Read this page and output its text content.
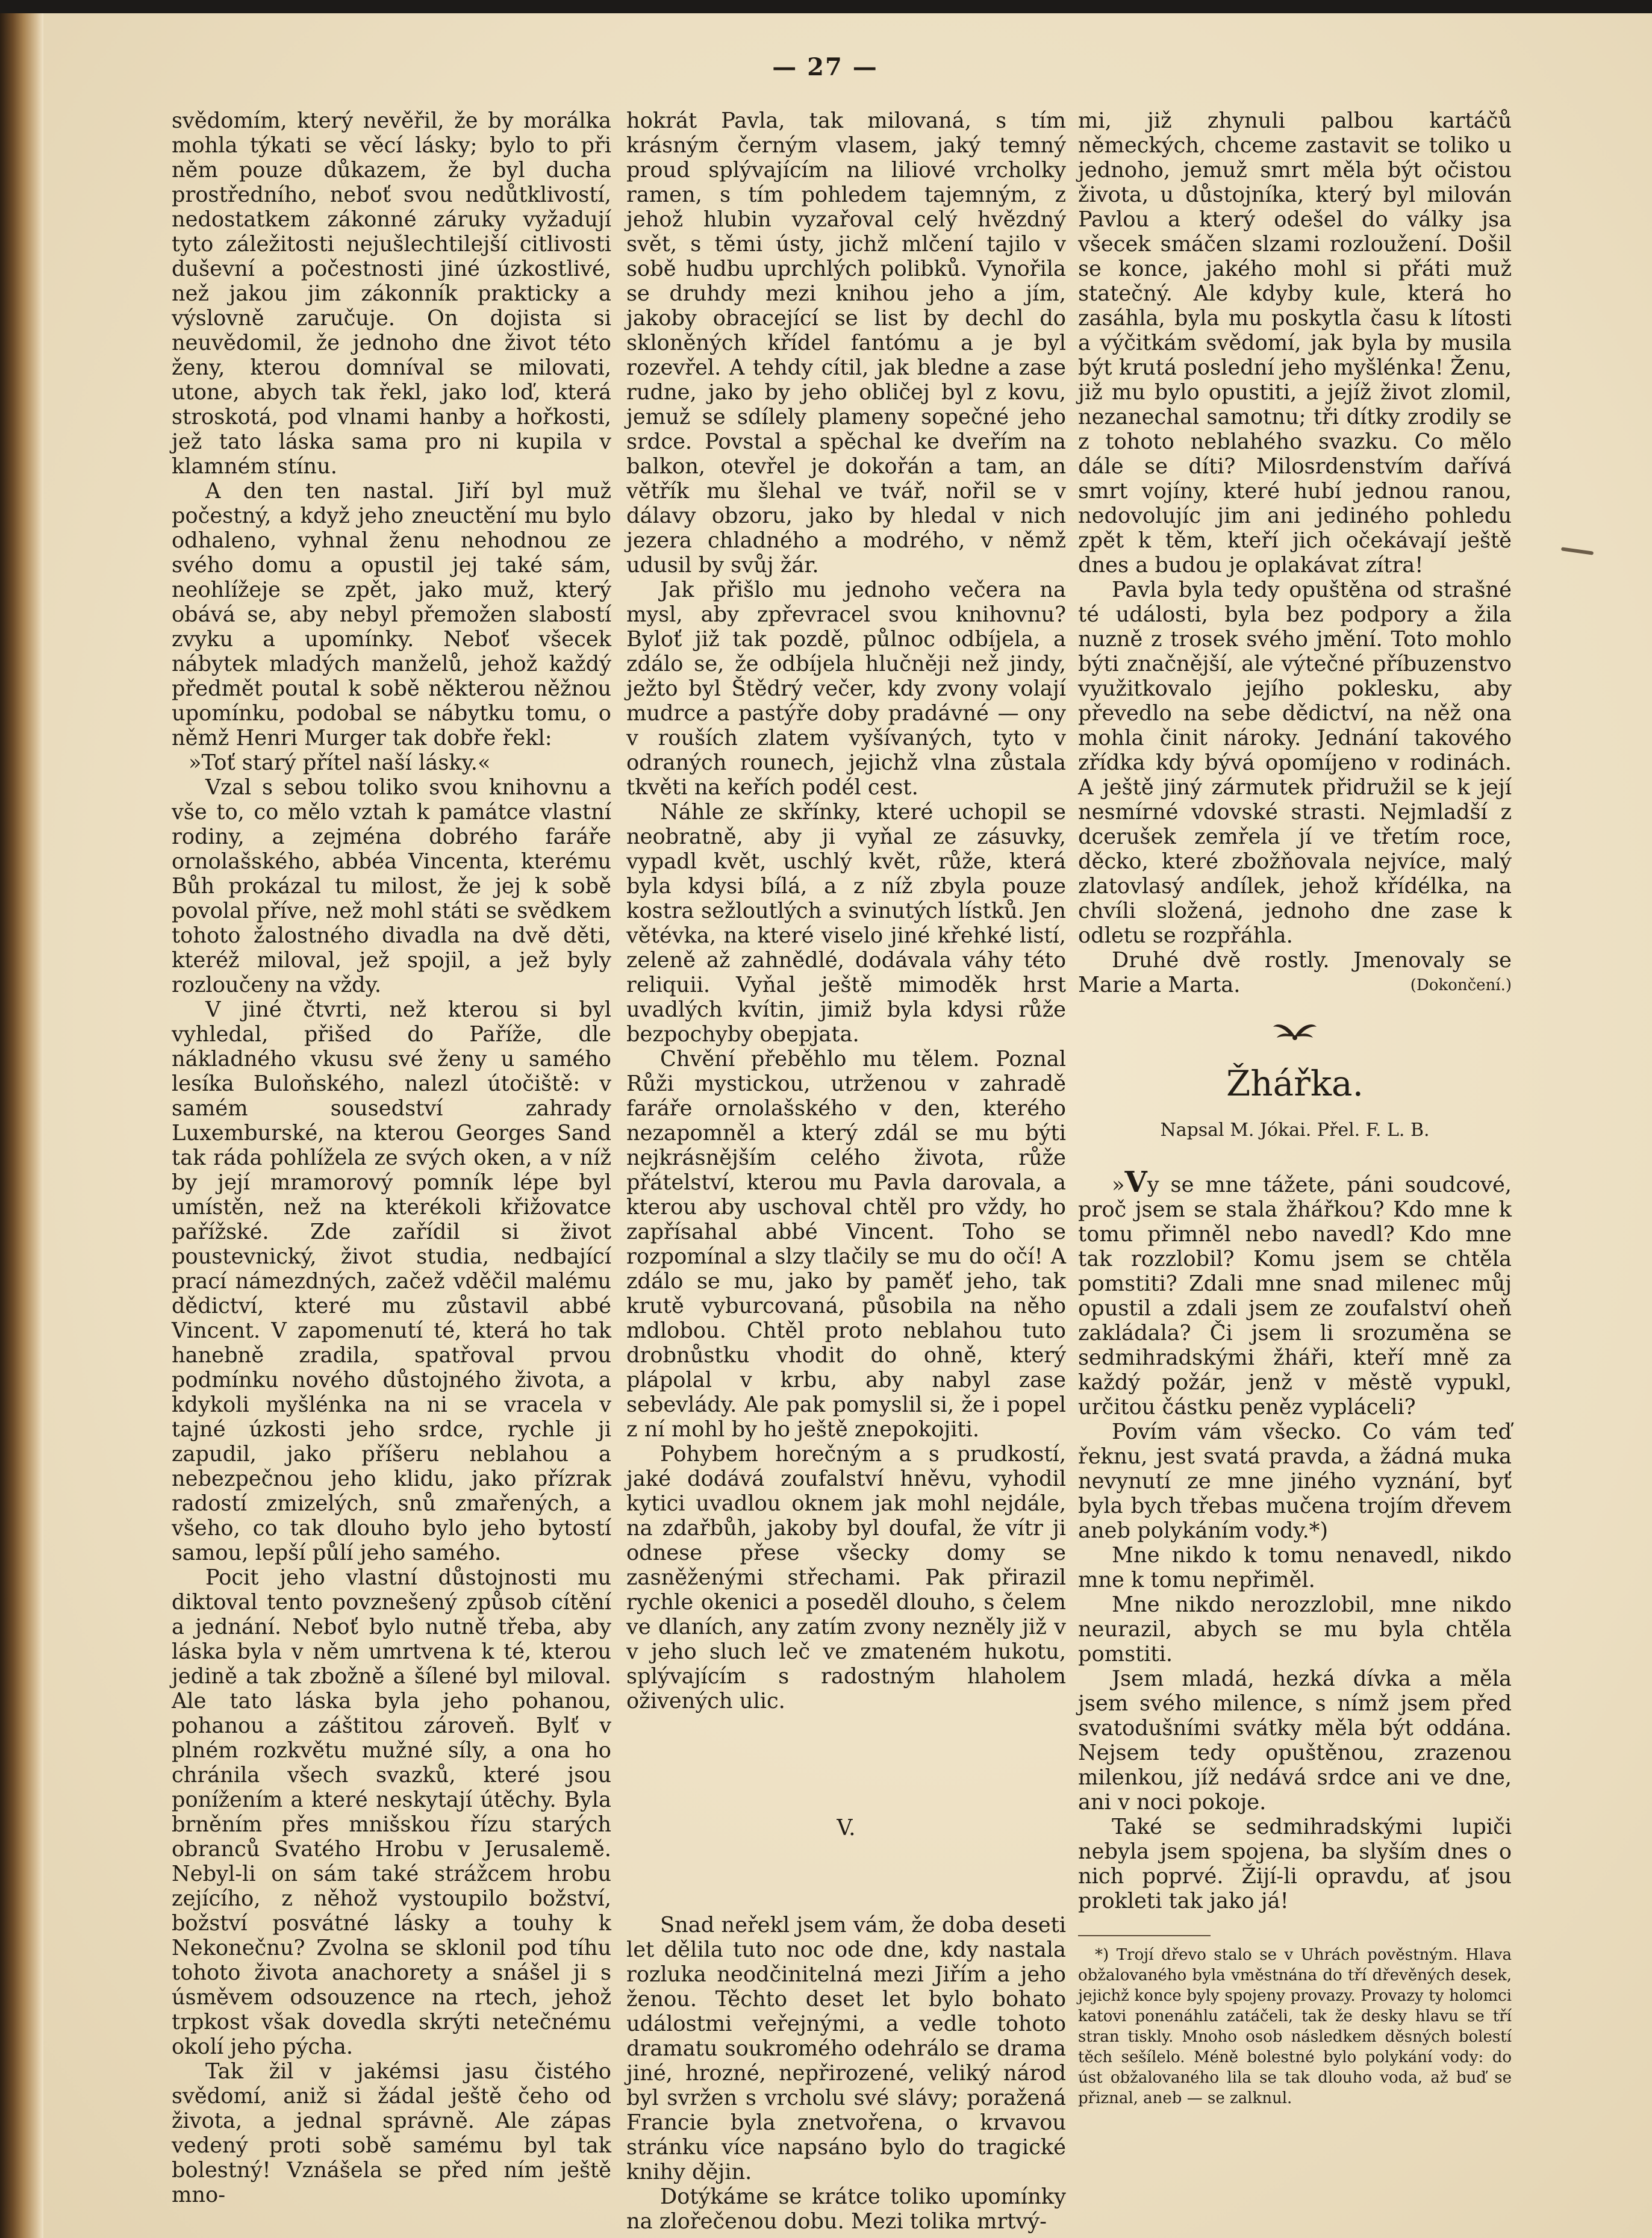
— 27 —

svědomím, který nevěřil, že by morálka mohla týkati se věcí lásky; bylo to při něm pouze důkazem, že byl ducha prostředního, neboť svou nedůtklivostí, nedostatkem zákonné záruky vyžadují tyto záležitosti nejušlechtilejší citlivosti duševní a počestnosti jiné úzkostlivé, než jakou jim zákonník prakticky a výslovně zaručuje. On dojista si neuvědomil, že jednoho dne život této ženy, kterou domníval se milovati, utone, abych tak řekl, jako loď, která stroskotá, pod vlnami hanby a hořkosti, jež tato láska sama pro ni kupila v klamném stínu.

A den ten nastal. Jiří byl muž počestný, a když jeho zneuctění mu bylo odhaleno, vyhnal ženu nehodnou ze svého domu a opustil jej také sám, neohlížeje se zpět, jako muž, který obává se, aby nebyl přemožen slabostí zvyku a upomínky. Neboť všecek nábytek mladých manželů, jehož každý předmět poutal k sobě některou něžnou upomínku, podobal se nábytku tomu, o němž Henri Murger tak dobře řekl:

»Toť starý přítel naší lásky.«

Vzal s sebou toliko svou knihovnu a vše to, co mělo vztah k památce vlastní rodiny, a zejména dobrého faráře ornolašského, abbéa Vincenta, kterému Bůh prokázal tu milost, že jej k sobě povolal příve, než mohl státi se svědkem tohoto žalostného divadla na dvě děti, kteréž miloval, jež spojil, a jež byly rozloučeny na vždy.

V jiné čtvrti, než kterou si byl vyhledal, přišed do Paříže, dle nákladného vkusu své ženy u samého lesíka Buloňského, nalezl útočiště: v samém sousedství zahrady Luxemburské, na kterou Georges Sand tak ráda pohlížela ze svých oken, a v níž by její mramorový pomník lépe byl umístěn, než na kterékoli křižovatce pařížské. Zde zařídil si život poustevnický, život studia, nedbající prací námezdných, začež vděčil malému dědictví, které mu zůstavil abbé Vincent. V zapomenutí té, která ho tak hanebně zradila, spatřoval prvou podmínku nového důstojného života, a kdykoli myšlénka na ni se vracela v tajné úzkosti jeho srdce, rychle ji zapudil, jako příšeru neblahou a nebezpečnou jeho klidu, jako přízrak radostí zmizelých, snů zmařených, a všeho, co tak dlouho bylo jeho bytostí samou, lepší půlí jeho samého.

Pocit jeho vlastní důstojnosti mu diktoval tento povznešený způsob cítění a jednání. Neboť bylo nutně třeba, aby láska byla v něm umrtvena k té, kterou jedině a tak zbožně a šílené byl miloval. Ale tato láska byla jeho pohanou, pohanou a záštitou zároveň. Bylť v plném rozkvětu mužné síly, a ona ho chránila všech svazků, které jsou ponížením a které neskytají útěchy. Byla brněním přes mnišskou řízu starých obranců Svatého Hrobu v Jerusalemě. Nebyl-li on sám také strážcem hrobu zejícího, z něhož vystoupilo božství, božství posvátné lásky a touhy k Nekonečnu? Zvolna se sklonil pod tíhu tohoto života anachorety a snášel ji s úsměvem odsouzence na rtech, jehož trpkost však dovedla skrýti netečnému okolí jeho pýcha.

Tak žil v jakémsi jasu čistého svědomí, aniž si žádal ještě čeho od života, a jednal správně. Ale zápas vedený proti sobě samému byl tak bolestný! Vznášela se před ním ještě mno-

hokrát Pavla, tak milovaná, s tím krásným černým vlasem, jaký temný proud splývajícím na liliové vrcholky ramen, s tím pohledem tajemným, z jehož hlubin vyzařoval celý hvězdný svět, s těmi ústy, jichž mlčení tajilo v sobě hudbu uprchlých polibků. Vynořila se druhdy mezi knihou jeho a jím, jakoby obracející se list by dechl do skloněných křídel fantómu a je byl rozevřel. A tehdy cítil, jak bledne a zase rudne, jako by jeho obličej byl z kovu, jemuž se sdílely plameny sopečné jeho srdce. Povstal a spěchal ke dveřím na balkon, otevřel je dokořán a tam, an větřík mu šlehal ve tvář, nořil se v dálavy obzoru, jako by hledal v nich jezera chladného a modrého, v němž udusil by svůj žár.

Jak přišlo mu jednoho večera na mysl, aby zpřevracel svou knihovnu? Byloť již tak pozdě, půlnoc odbíjela, a zdálo se, že odbíjela hlučněji než jindy, ježto byl Štědrý večer, kdy zvony volají mudrce a pastýře doby pradávné — ony v rouších zlatem vyšívaných, tyto v odraných rounech, jejichž vlna zůstala tkvěti na keřích podél cest.

Náhle ze skřínky, které uchopil se neobratně, aby ji vyňal ze zásuvky, vypadl květ, uschlý květ, růže, která byla kdysi bílá, a z níž zbyla pouze kostra sežloutlých a svinutých lístků. Jen větévka, na které viselo jiné křehké listí, zeleně až zahnědlé, dodávala váhy této reliquii. Vyňal ještě mimoděk hrst uvadlých kvítin, jimiž byla kdysi růže bezpochyby obepjata.

Chvění přeběhlo mu tělem. Poznal Růži mystickou, utrženou v zahradě faráře ornolašského v den, kterého nezapomněl a který zdál se mu býti nejkrásnějším celého života, růže přátelství, kterou mu Pavla darovala, a kterou aby uschoval chtěl pro vždy, ho zapřísahal abbé Vincent. Toho se rozpomínal a slzy tlačily se mu do očí! A zdálo se mu, jako by paměť jeho, tak krutě vyburcovaná, působila na něho mdlobou. Chtěl proto neblahou tuto drobnůstku vhodit do ohně, který plápolal v krbu, aby nabyl zase sebevlády. Ale pak pomyslil si, že i popel z ní mohl by ho ještě znepokojiti.

Pohybem horečným a s prudkostí, jaké dodává zoufalství hněvu, vyhodil kytici uvadlou oknem jak mohl nejdále, na zdařbůh, jakoby byl doufal, že vítr ji odnese přese všecky domy se zasněženými střechami. Pak přirazil rychle okenici a poseděl dlouho, s čelem ve dlaních, any zatím zvony nezněly již v v jeho sluch leč ve zmateném hukotu, splývajícím s radostným hlaholem oživených ulic.

V.

Snad neřekl jsem vám, že doba deseti let dělila tuto noc ode dne, kdy nastala rozluka neodčinitelná mezi Jiřím a jeho ženou. Těchto deset let bylo bohato událostmi veřejnými, a vedle tohoto dramatu soukromého odehrálo se drama jiné, hrozné, nepřirozené, veliký národ byl svržen s vrcholu své slávy; poražená Francie byla znetvořena, o krvavou stránku více napsáno bylo do tragické knihy dějin.

Dotýkáme se krátce toliko upomínky na zlořečenou dobu. Mezi tolika mrtvý-

mi, již zhynuli palbou kartáčů německých, chceme zastavit se toliko u jednoho, jemuž smrt měla být očistou života, u důstojníka, který byl milován Pavlou a který odešel do války jsa všecek smáčen slzami rozloužení. Došil se konce, jakého mohl si přáti muž statečný. Ale kdyby kule, která ho zasáhla, byla mu poskytla času k lítosti a výčitkám svědomí, jak byla by musila být krutá poslední jeho myšlénka! Ženu, již mu bylo opustiti, a jejíž život zlomil, nezanechal samotnu; tři dítky zrodily se z tohoto neblahého svazku. Co mělo dále se díti? Milosrdenstvím dařívá smrt vojíny, které hubí jednou ranou, nedovolujíc jim ani jediného pohledu zpět k těm, kteří jich očekávají ještě dnes a budou je oplakávat zítra!

Pavla byla tedy opuštěna od strašné té události, byla bez podpory a žila nuzně z trosek svého jmění. Toto mohlo býti značnější, ale výtečné příbuzenstvo využitkovalo jejího poklesku, aby převedlo na sebe dědictví, na něž ona mohla činit nároky. Jednání takového zřídka kdy bývá opomíjeno v rodinách. A ještě jiný zármutek přidružil se k její nesmírné vdovské strasti. Nejmladší z dcerušek zemřela jí ve třetím roce, děcko, které zbožňovala nejvíce, malý zlatovlasý andílek, jehož křídélka, na chvíli složená, jednoho dne zase k odletu se rozpřáhla.

Druhé dvě rostly. Jmenovaly se Marie a Marta.	(Dokončení.)

Žhářka.
Napsal M. Jókai. Přel. F. L. B.

»Vy se mne tážete, páni soudcové, proč jsem se stala žhářkou? Kdo mne k tomu přimněl nebo navedl? Kdo mne tak rozzlobil? Komu jsem se chtěla pomstiti? Zdali mne snad milenec můj opustil a zdali jsem ze zoufalství oheň zakládala? Či jsem li srozuměna se sedmihradskými žháři, kteří mně za každý požár, jenž v městě vypukl, určitou částku peněz vypláceli?

Povím vám všecko. Co vám teď řeknu, jest svatá pravda, a žádná muka nevynutí ze mne jiného vyznání, byť byla bych třebas mučena trojím dřevem aneb polykáním vody.*)

Mne nikdo k tomu nenavedl, nikdo mne k tomu nepřiměl.

Mne nikdo nerozzlobil, mne nikdo neurazil, abych se mu byla chtěla pomstiti.

Jsem mladá, hezká dívka a měla jsem svého milence, s nímž jsem před svatodušními svátky měla být oddána. Nejsem tedy opuštěnou, zrazenou milenkou, jíž nedává srdce ani ve dne, ani v noci pokoje.

Také se sedmihradskými lupiči nebyla jsem spojena, ba slyším dnes o nich poprvé. Žijí-li opravdu, ať jsou prokleti tak jako já!

*) Trojí dřevo stalo se v Uhrách pověstným. Hlava obžalovaného byla vměstnána do tří dřevěných desek, jejichž konce byly spojeny provazy. Provazy ty holomci katovi ponenáhlu zatáčeli, tak že desky hlavu se tří stran tiskly. Mnoho osob následkem děsných bolestí těch sešílelo. Méně bolestné bylo polykání vody: do úst obžalovaného lila se tak dlouho voda, až buď se přiznal, aneb — se zalknul.
